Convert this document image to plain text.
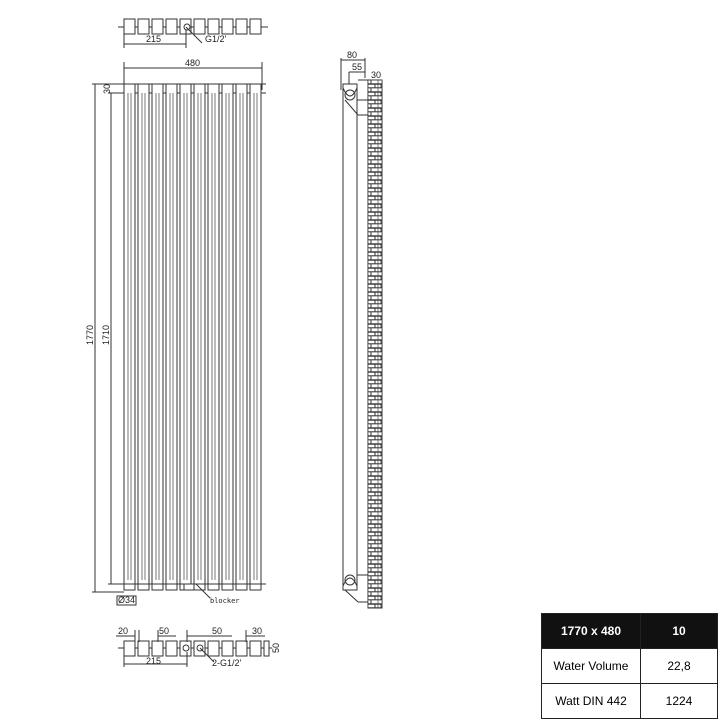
215	G1/2'
480
30
1770 1710
Ø34	blocker
80
55
30
20	50	50	30
50
215	2-G1/2'
1770 x 480	10
Water Volume	22,8
Watt DIN 442	1224
